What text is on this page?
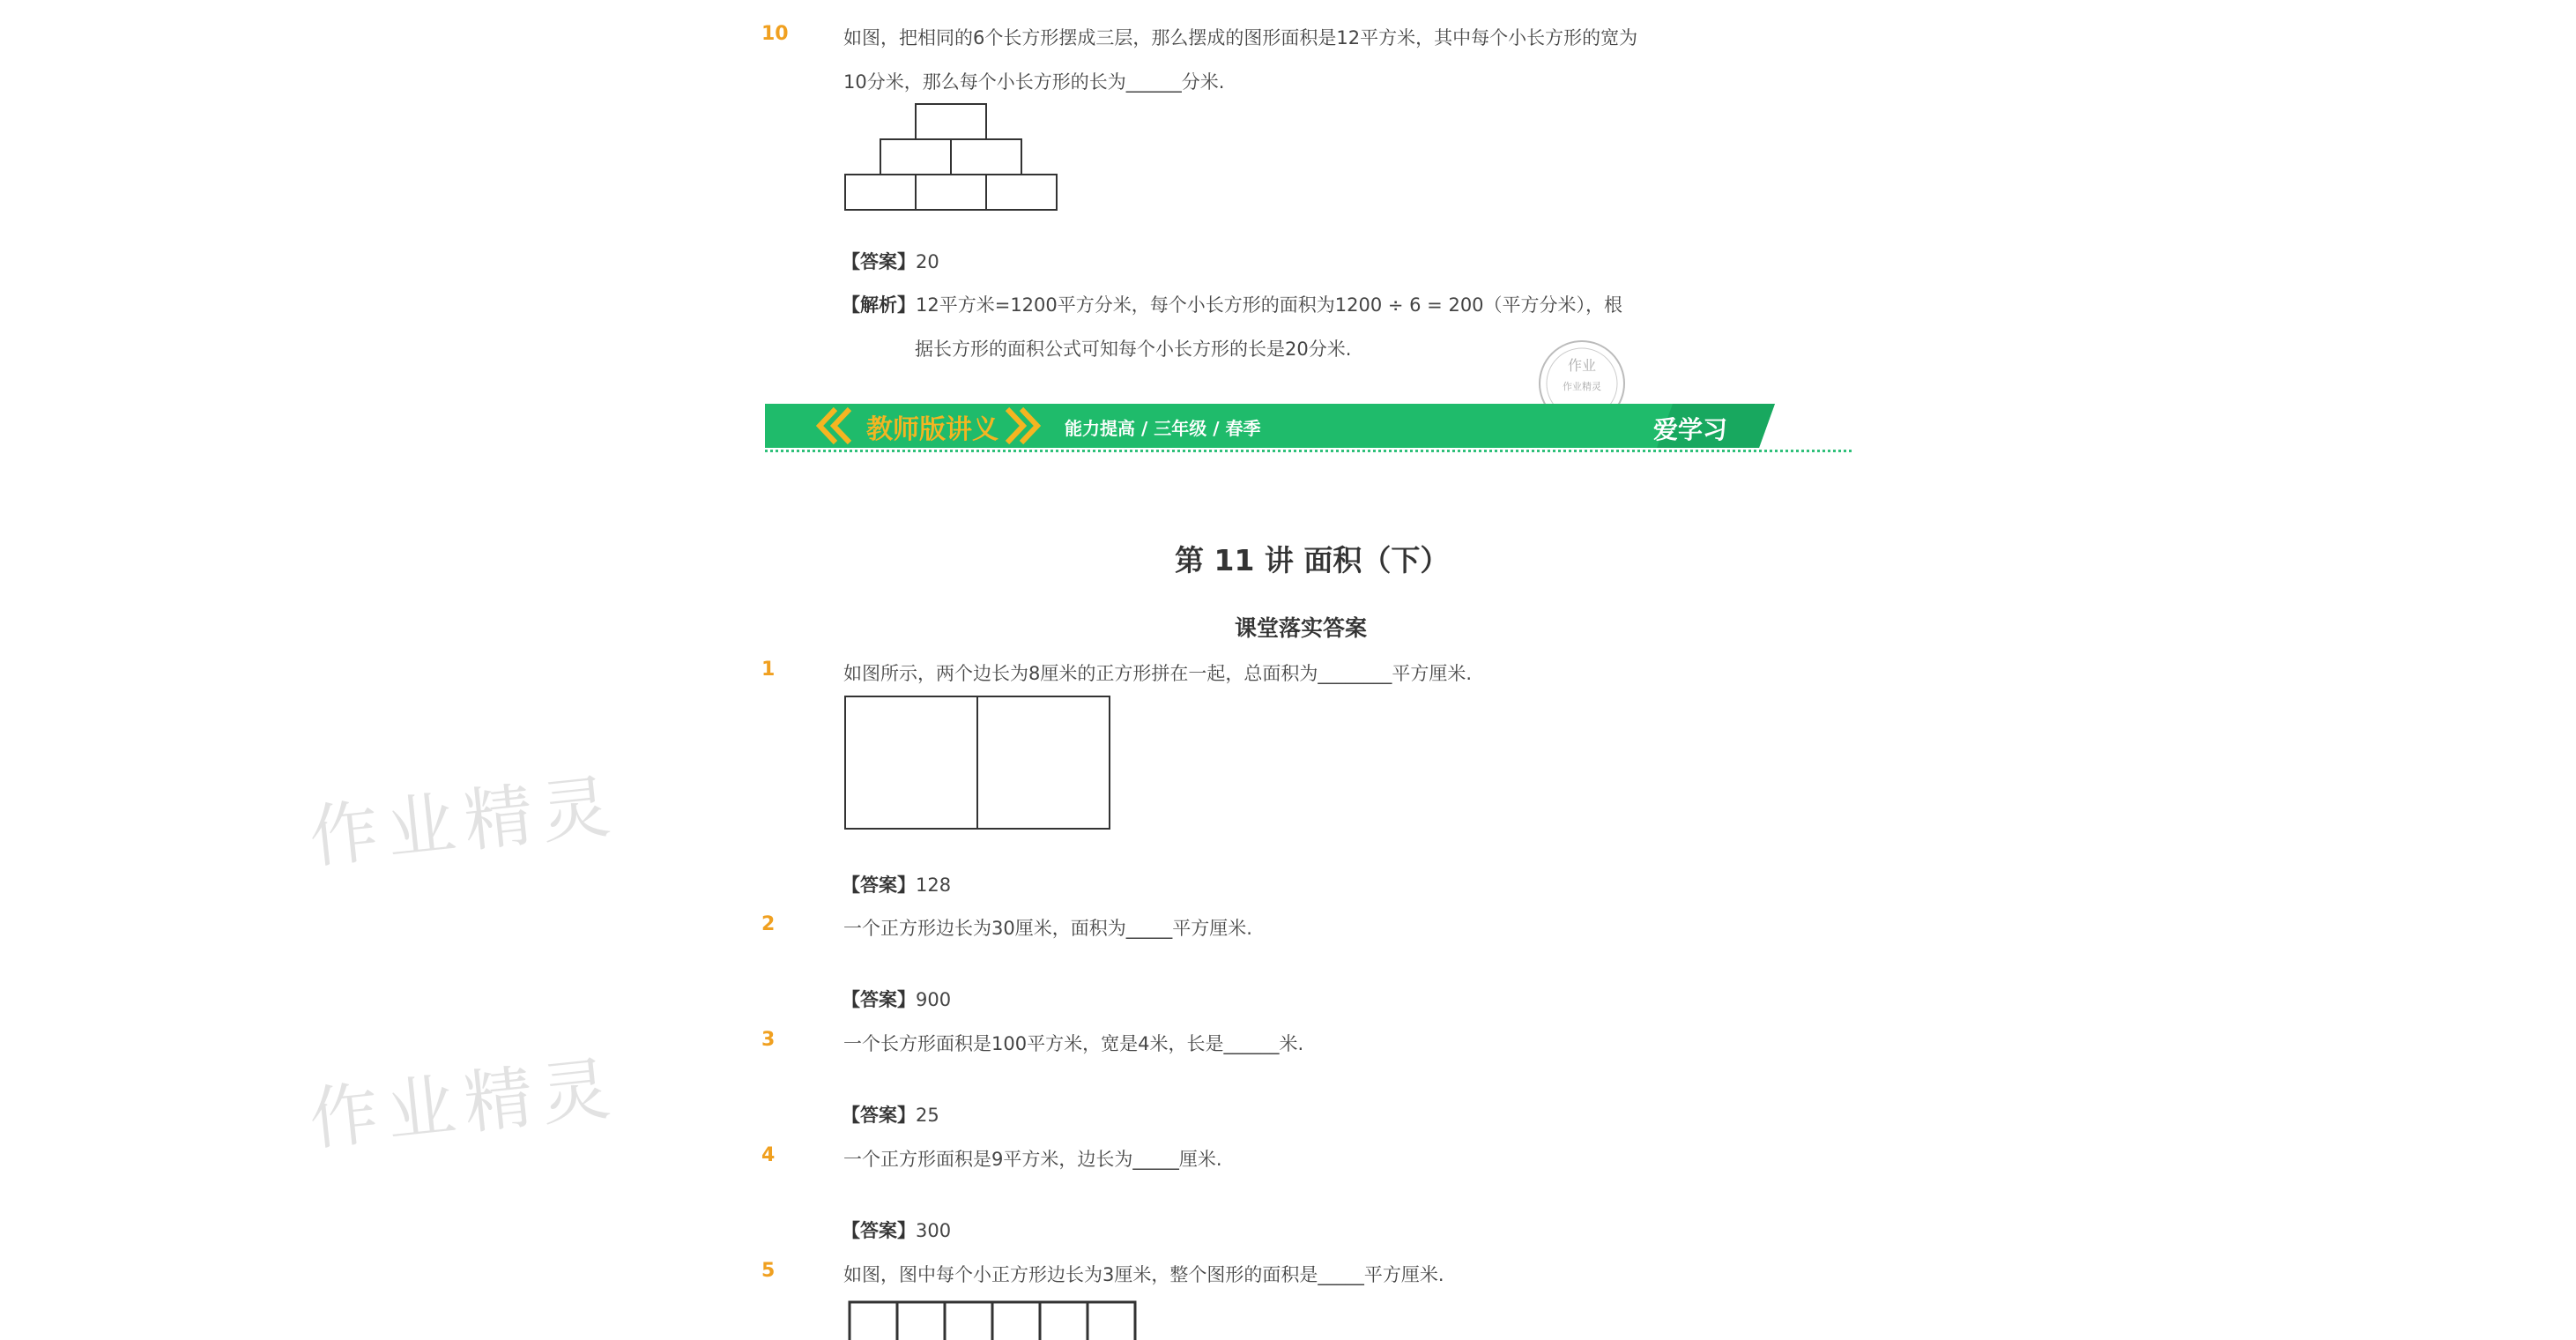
作业精灵
作业精灵
10	如图，把相同的6个长方形摆成三层，那么摆成的图形面积是12平方米，其中每个小长方形的宽为
10分米，那么每个小长方形的长为______分米.
【答案】20
【解析】12平方米=1200平方分米，每个小长方形的面积为1200 ÷ 6 = 200（平方分米），根
据长方形的面积公式可知每个小长方形的长是20分米.
作业
作业精灵
教师版讲义	能力提高 / 三年级 / 春季	爱学习
第 11 讲 面积（下）
课堂落实答案
1	如图所示，两个边长为8厘米的正方形拼在一起，总面积为________平方厘米.
【答案】128
2	一个正方形边长为30厘米，面积为_____平方厘米.
【答案】900
3	一个长方形面积是100平方米，宽是4米，长是______米.
【答案】25
4	一个正方形面积是9平方米，边长为_____厘米.
【答案】300
5	如图，图中每个小正方形边长为3厘米，整个图形的面积是_____平方厘米.
